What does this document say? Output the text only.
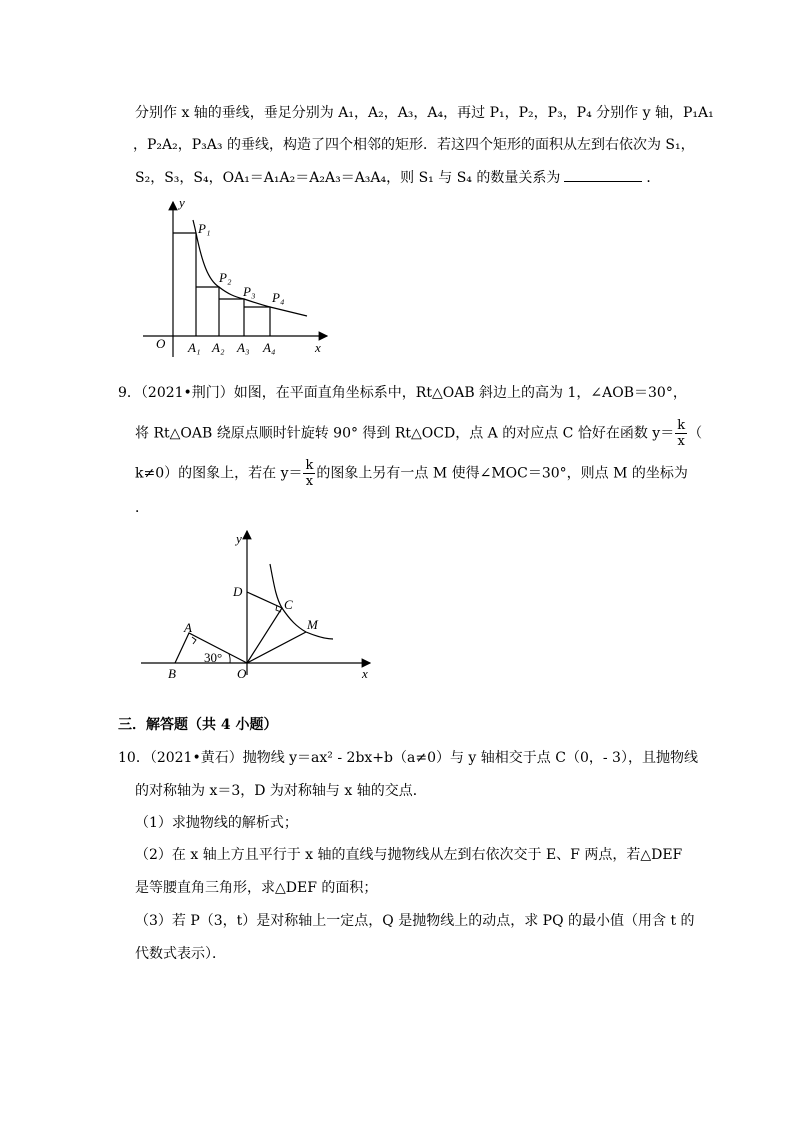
分别作 x 轴的垂线，垂足分别为 A₁，A₂，A₃，A₄，再过 P₁，P₂，P₃，P₄ 分别作 y 轴，P₁A₁
，P₂A₂，P₃A₃ 的垂线，构造了四个相邻的矩形．若这四个矩形的面积从左到右依次为 S₁，
S₂，S₃，S₄，OA₁＝A₁A₂＝A₂A₃＝A₃A₄，则 S₁ 与 S₄ 的数量关系为	．
y
x
O
P₁
P₂
P₃ P₄
A₁ A₂ A₃ A₄
9．（2021•荆门）如图，在平面直角坐标系中，Rt△OAB 斜边上的高为 1，∠AOB＝30°，
将 Rt△OAB 绕原点顺时针旋转 90° 得到 Rt△OCD，点 A 的对应点 C 恰好在函数 $y= \frac{k}{x}$ （
k≠0）的图象上，若在 $y= \frac{k}{x}$ 的图象上另有一点 M 使得∠MOC＝30°，则点 M 的坐标为
．
y
x
O
B
A
D
C
M
30°
三．解答题（共 4 小题）
10．（2021•黄石）抛物线 y＝ax² - 2bx+b（a≠0）与 y 轴相交于点 C（0，- 3），且抛物线
的对称轴为 x＝3，D 为对称轴与 x 轴的交点．
（1）求抛物线的解析式；
（2）在 x 轴上方且平行于 x 轴的直线与抛物线从左到右依次交于 E、F 两点，若△DEF
是等腰直角三角形，求△DEF 的面积；
（3）若 P（3，t）是对称轴上一定点，Q 是抛物线上的动点，求 PQ 的最小值（用含 t 的
代数式表示）．
